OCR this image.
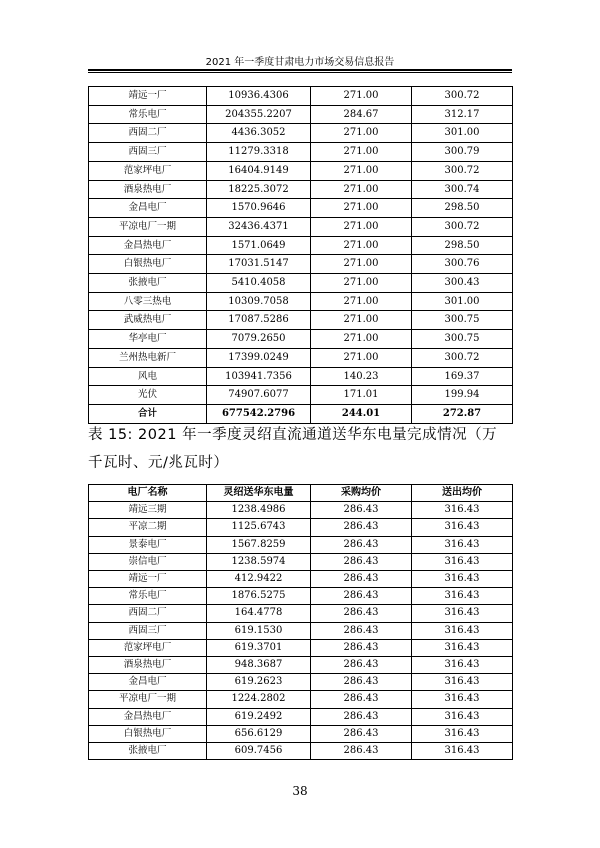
2021 年一季度甘肃电力市场交易信息报告
靖远一厂	10936.4306	271.00	300.72
常乐电厂	204355.2207	284.67	312.17
西固二厂	4436.3052	271.00	301.00
西固三厂	11279.3318	271.00	300.79
范家坪电厂	16404.9149	271.00	300.72
酒泉热电厂	18225.3072	271.00	300.74
金昌电厂	1570.9646	271.00	298.50
平凉电厂一期	32436.4371	271.00	300.72
金昌热电厂	1571.0649	271.00	298.50
白银热电厂	17031.5147	271.00	300.76
张掖电厂	5410.4058	271.00	300.43
八零三热电	10309.7058	271.00	301.00
武威热电厂	17087.5286	271.00	300.75
华亭电厂	7079.2650	271.00	300.75
兰州热电新厂	17399.0249	271.00	300.72
风电	103941.7356	140.23	169.37
光伏	74907.6077	171.01	199.94
合计	677542.2796	244.01	272.87
表 15: 2021 年一季度灵绍直流通道送华东电量完成情况（万
千瓦时、元/兆瓦时）
电厂名称	灵绍送华东电量	采购均价	送出均价
靖远三期	1238.4986	286.43	316.43
平凉二期	1125.6743	286.43	316.43
景泰电厂	1567.8259	286.43	316.43
崇信电厂	1238.5974	286.43	316.43
靖远一厂	412.9422	286.43	316.43
常乐电厂	1876.5275	286.43	316.43
西固二厂	164.4778	286.43	316.43
西固三厂	619.1530	286.43	316.43
范家坪电厂	619.3701	286.43	316.43
酒泉热电厂	948.3687	286.43	316.43
金昌电厂	619.2623	286.43	316.43
平凉电厂一期	1224.2802	286.43	316.43
金昌热电厂	619.2492	286.43	316.43
白银热电厂	656.6129	286.43	316.43
张掖电厂	609.7456	286.43	316.43
38
